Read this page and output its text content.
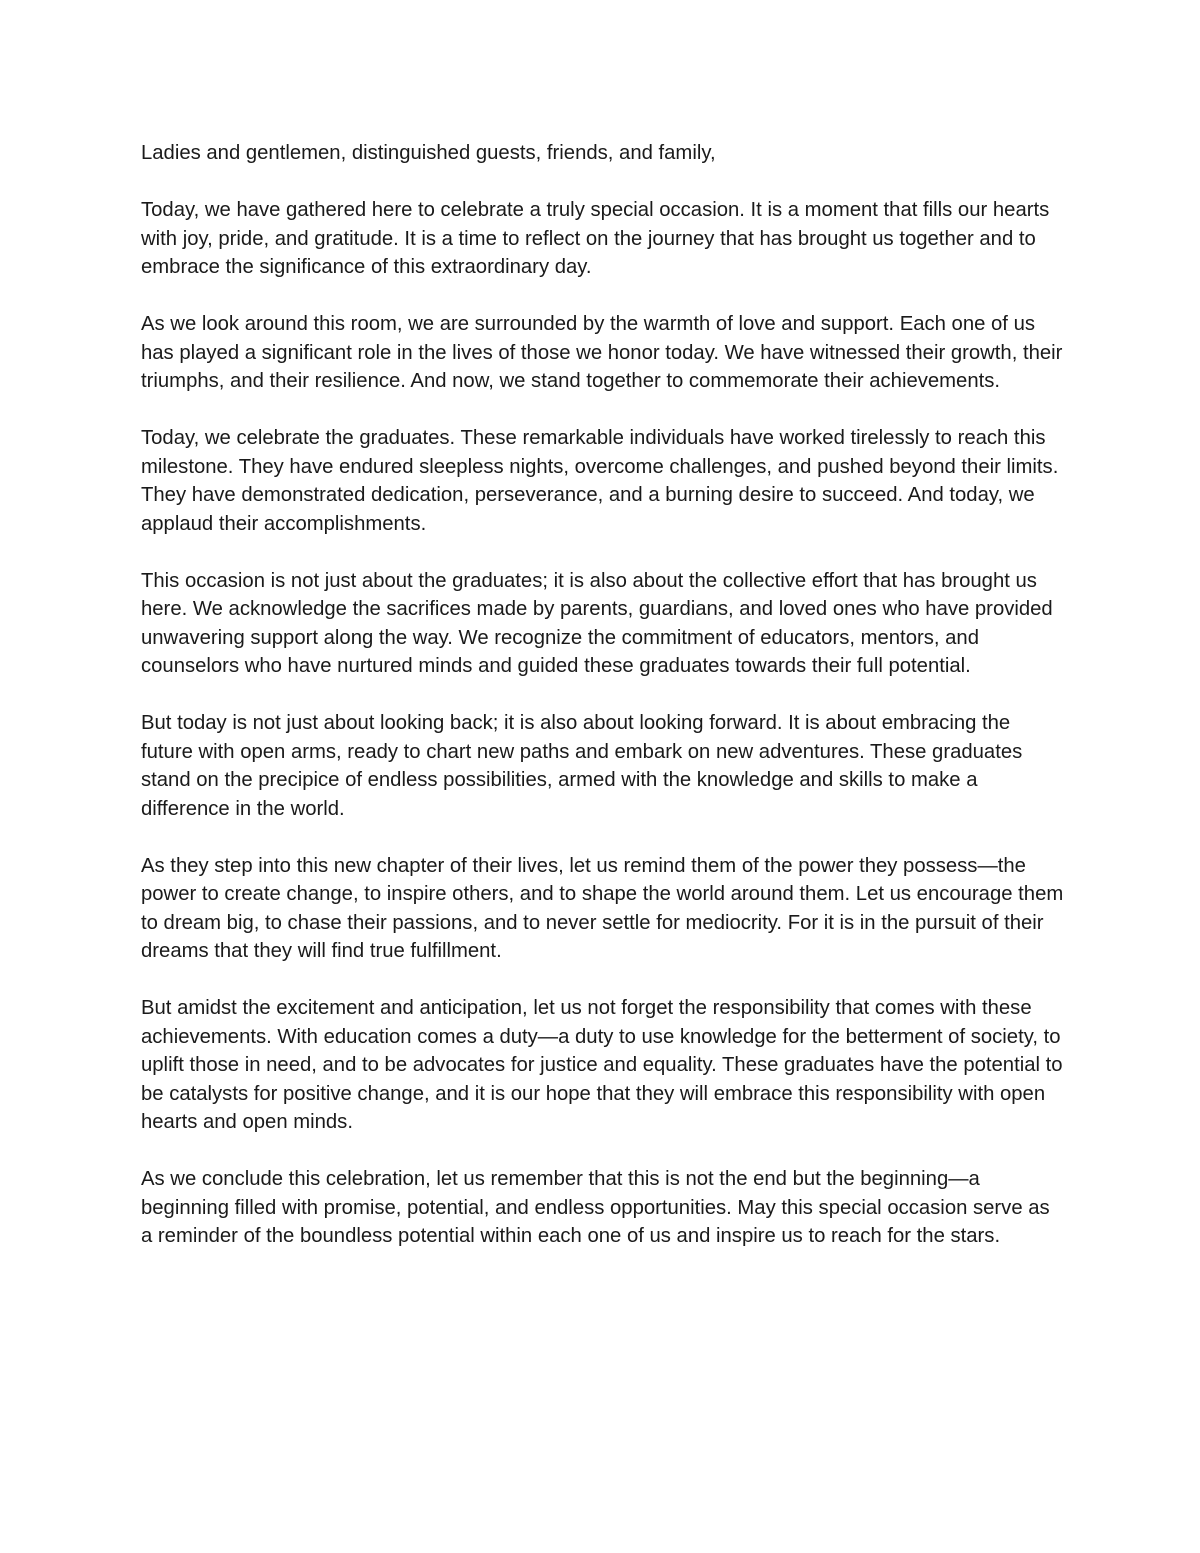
Ladies and gentlemen, distinguished guests, friends, and family,

Today, we have gathered here to celebrate a truly special occasion. It is a moment that fills our hearts with joy, pride, and gratitude. It is a time to reflect on the journey that has brought us together and to embrace the significance of this extraordinary day.

As we look around this room, we are surrounded by the warmth of love and support. Each one of us has played a significant role in the lives of those we honor today. We have witnessed their growth, their triumphs, and their resilience. And now, we stand together to commemorate their achievements.

Today, we celebrate the graduates. These remarkable individuals have worked tirelessly to reach this milestone. They have endured sleepless nights, overcome challenges, and pushed beyond their limits. They have demonstrated dedication, perseverance, and a burning desire to succeed. And today, we applaud their accomplishments.

This occasion is not just about the graduates; it is also about the collective effort that has brought us here. We acknowledge the sacrifices made by parents, guardians, and loved ones who have provided unwavering support along the way. We recognize the commitment of educators, mentors, and counselors who have nurtured minds and guided these graduates towards their full potential.

But today is not just about looking back; it is also about looking forward. It is about embracing the future with open arms, ready to chart new paths and embark on new adventures. These graduates stand on the precipice of endless possibilities, armed with the knowledge and skills to make a difference in the world.

As they step into this new chapter of their lives, let us remind them of the power they possess—the power to create change, to inspire others, and to shape the world around them. Let us encourage them to dream big, to chase their passions, and to never settle for mediocrity. For it is in the pursuit of their dreams that they will find true fulfillment.

But amidst the excitement and anticipation, let us not forget the responsibility that comes with these achievements. With education comes a duty—a duty to use knowledge for the betterment of society, to uplift those in need, and to be advocates for justice and equality. These graduates have the potential to be catalysts for positive change, and it is our hope that they will embrace this responsibility with open hearts and open minds.

As we conclude this celebration, let us remember that this is not the end but the beginning—a beginning filled with promise, potential, and endless opportunities. May this special occasion serve as a reminder of the boundless potential within each one of us and inspire us to reach for the stars.
